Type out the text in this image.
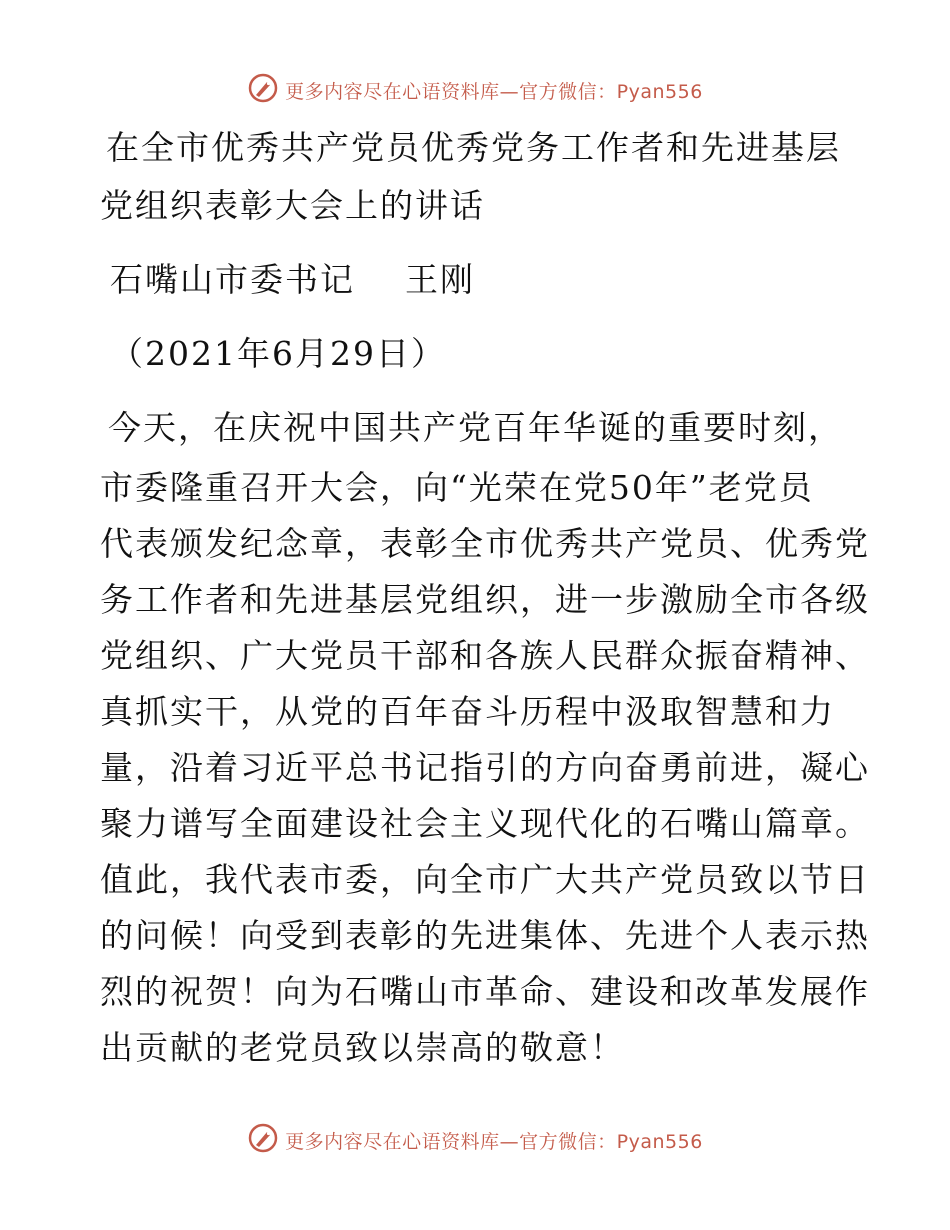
更多内容尽在心语资料库—官方微信：Pyan556
在全市优秀共产党员优秀党务工作者和先进基层
党组织表彰大会上的讲话
石嘴山市委书记    王刚
（2021年6月29日）
今天，在庆祝中国共产党百年华诞的重要时刻，
市委隆重召开大会，向“光荣在党50年”老党员
代表颁发纪念章，表彰全市优秀共产党员、优秀党
务工作者和先进基层党组织，进一步激励全市各级
党组织、广大党员干部和各族人民群众振奋精神、
真抓实干，从党的百年奋斗历程中汲取智慧和力
量，沿着习近平总书记指引的方向奋勇前进，凝心
聚力谱写全面建设社会主义现代化的石嘴山篇章。
值此，我代表市委，向全市广大共产党员致以节日
的问候！向受到表彰的先进集体、先进个人表示热
烈的祝贺！向为石嘴山市革命、建设和改革发展作
出贡献的老党员致以崇高的敬意！
更多内容尽在心语资料库—官方微信：Pyan556
